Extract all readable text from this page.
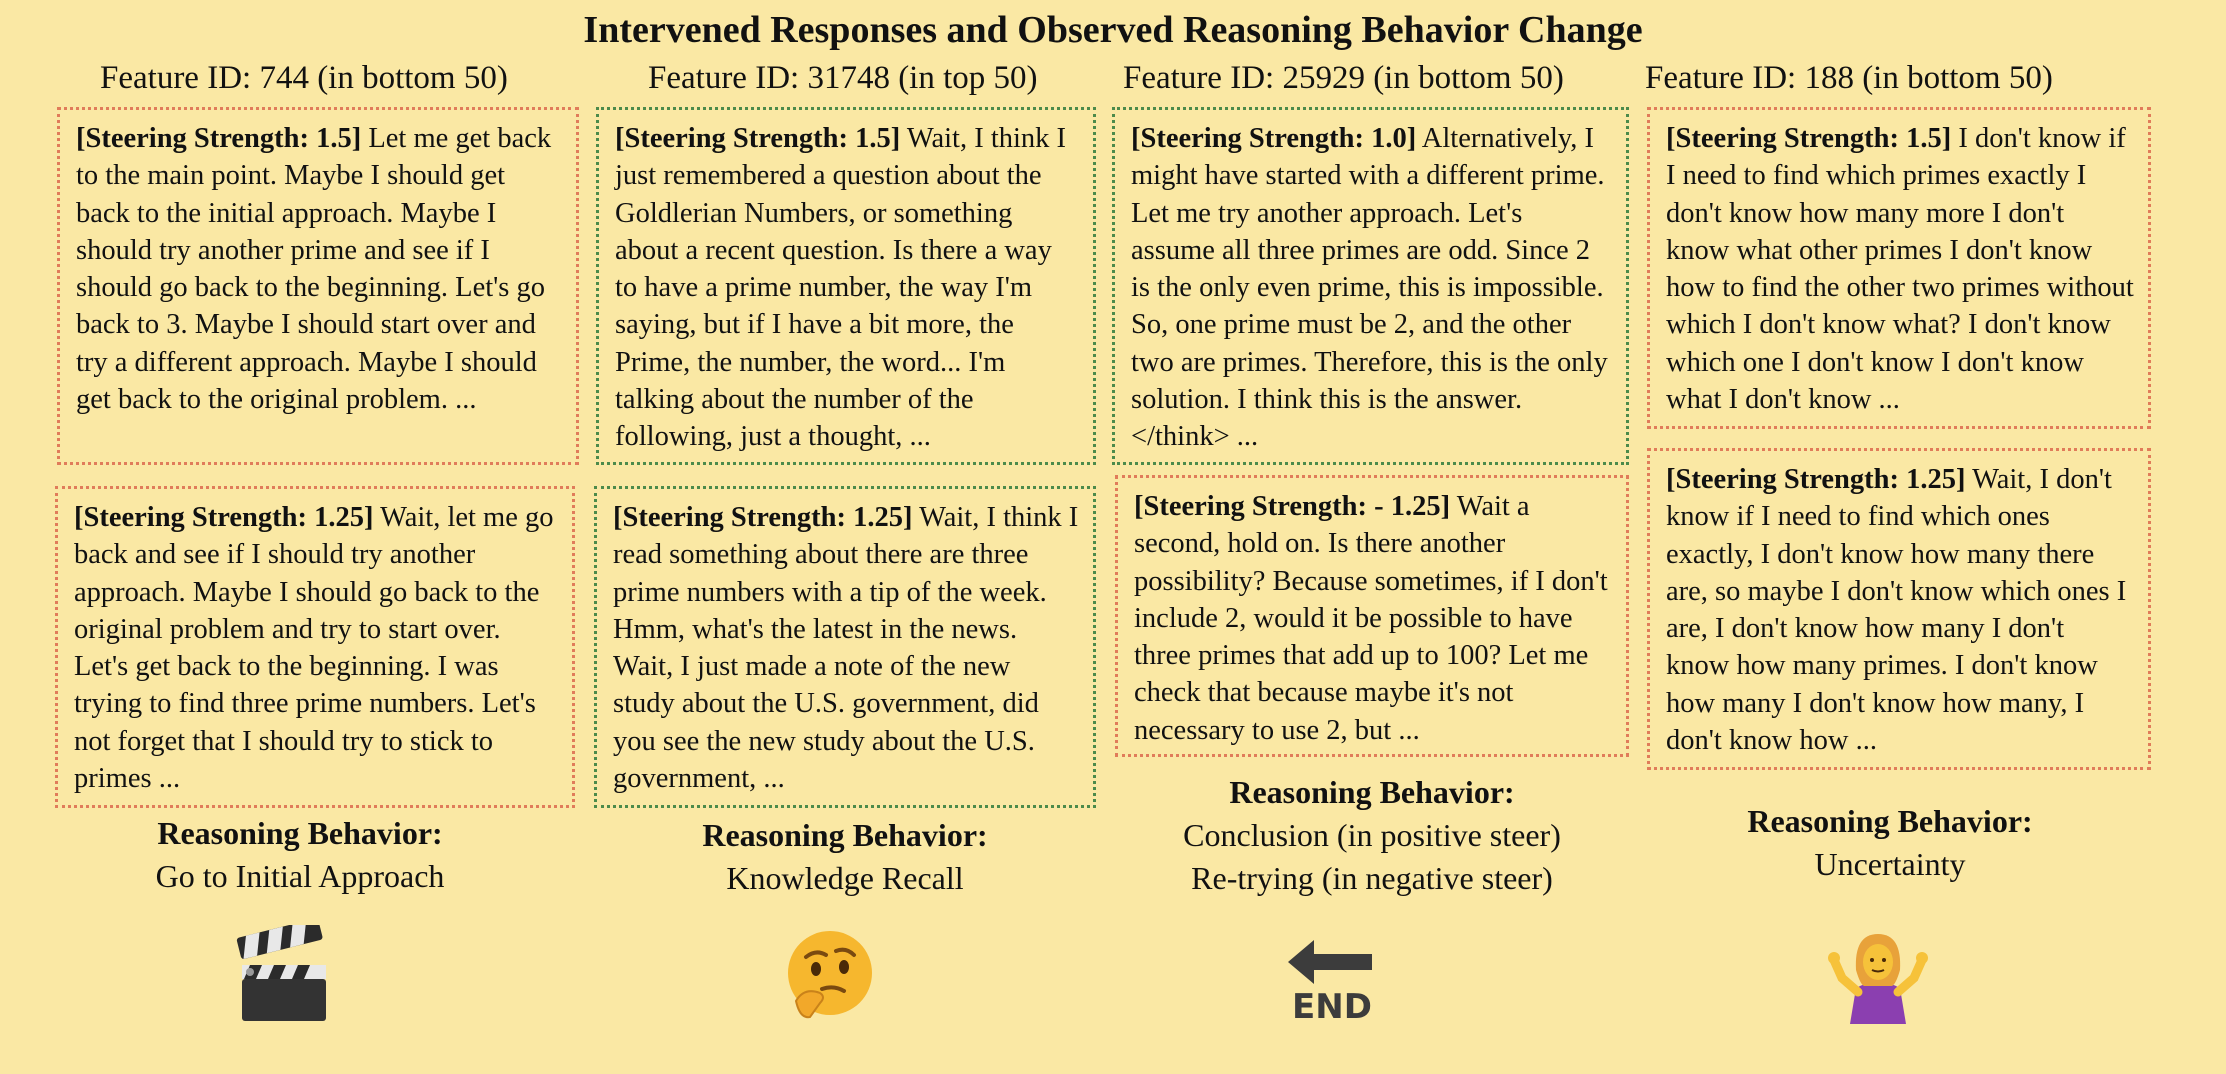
Intervened Responses and Observed Reasoning Behavior Change
Feature ID: 744 (in bottom 50)
[Steering Strength: 1.5] Let me get back to the main point. Maybe I should get back to the initial approach. Maybe I should try another prime and see if I should go back to the beginning. Let's go back to 3. Maybe I should start over and try a different approach. Maybe I should get back to the original problem. ...
[Steering Strength: 1.25] Wait, let me go back and see if I should try another approach. Maybe I should go back to the original problem and try to start over. Let's get back to the beginning. I was trying to find three prime numbers. Let's not forget that I should try to stick to primes ...
Reasoning Behavior:
Go to Initial Approach
Feature ID: 31748 (in top 50)
[Steering Strength: 1.5] Wait, I think I just remembered a question about the Goldlerian Numbers, or something about a recent question. Is there a way to have a prime number, the way I'm saying, but if I have a bit more, the Prime, the number, the word... I'm talking about the number of the following, just a thought, ...
[Steering Strength: 1.25] Wait, I think I read something about there are three prime numbers with a tip of the week. Hmm, what's the latest in the news. Wait, I just made a note of the new study about the U.S. government, did you see the new study about the U.S. government, ...
Reasoning Behavior:
Knowledge Recall
Feature ID: 25929 (in bottom 50)
[Steering Strength: 1.0] Alternatively, I might have started with a different prime. Let me try another approach. Let's assume all three primes are odd. Since 2 is the only even prime, this is impossible. So, one prime must be 2, and the other two are primes. Therefore, this is the only solution. I think this is the answer.</think> ...
[Steering Strength: - 1.25] Wait a second, hold on. Is there another possibility? Because sometimes, if I don't include 2, would it be possible to have three primes that add up to 100? Let me check that because maybe it's not necessary to use 2, but ...
Reasoning Behavior:
Conclusion (in positive steer)
Re-trying (in negative steer)
END
Feature ID: 188 (in bottom 50)
[Steering Strength: 1.5] I don't know if I need to find which primes exactly I don't know how many more I don't know what other primes I don't know how to find the other two primes without which I don't know what? I don't know which one I don't know I don't know what I don't know ...
[Steering Strength: 1.25] Wait, I don't know if I need to find which ones exactly, I don't know how many there are, so maybe I don't know which ones I are, I don't know how many I don't know how many primes. I don't know how many I don't know how many, I don't know how ...
Reasoning Behavior:
Uncertainty
